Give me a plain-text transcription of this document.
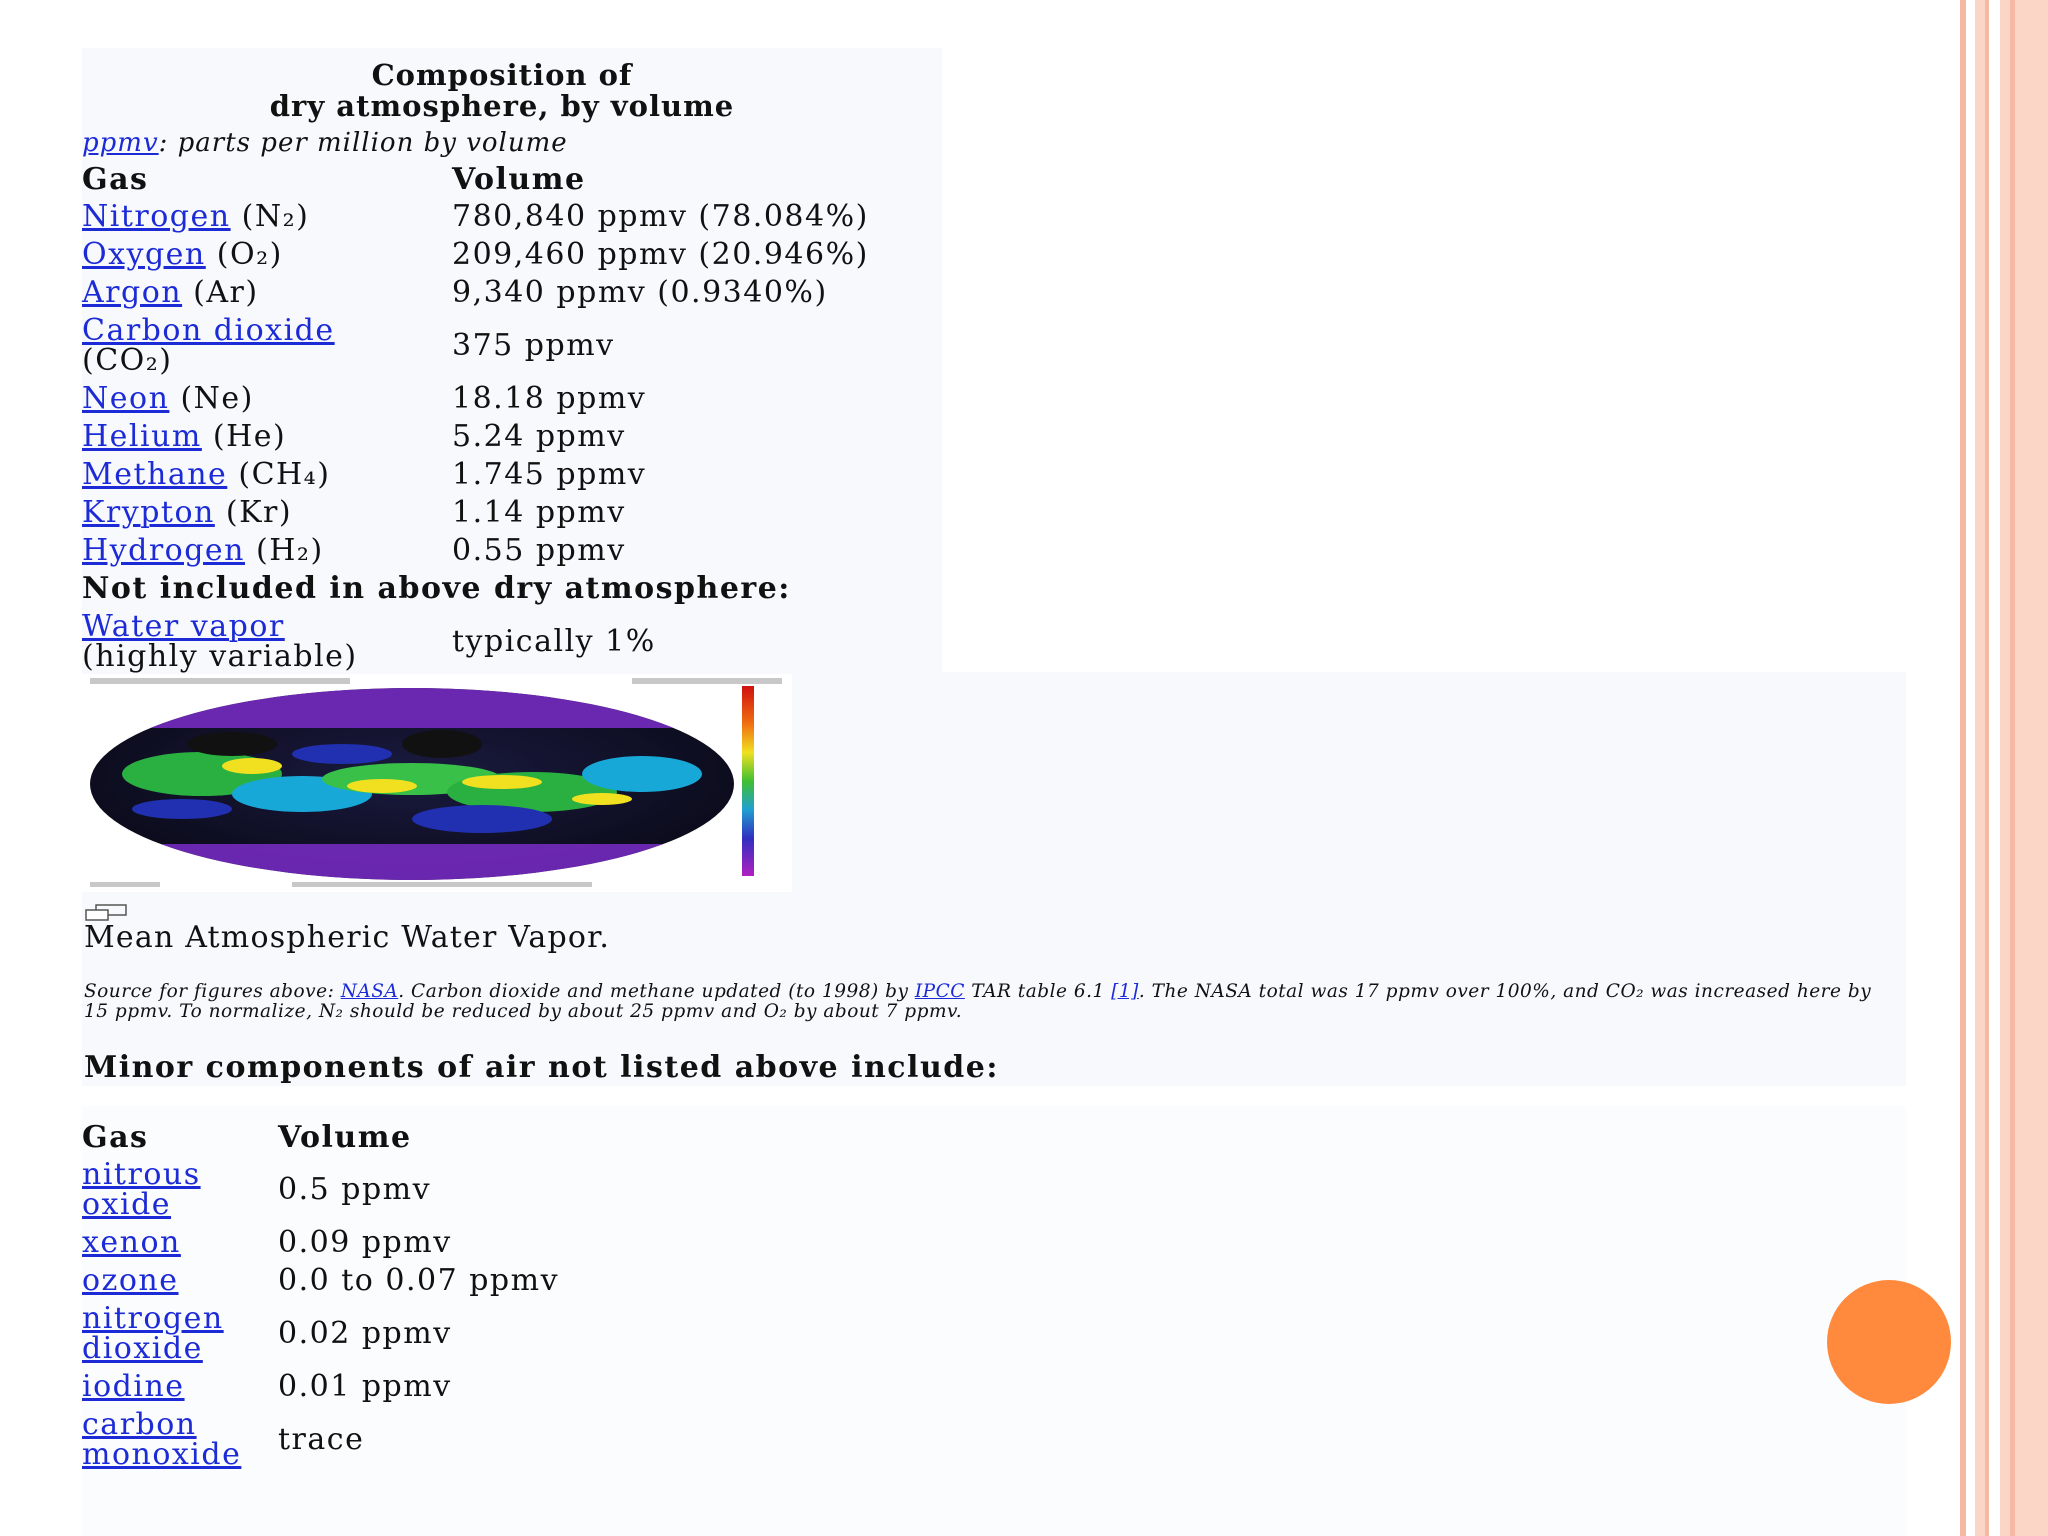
Composition of
dry atmosphere, by volume
ppmv: parts per million by volume
Gas	Volume
Nitrogen (N₂)	780,840 ppmv (78.084%)
Oxygen (O₂)	209,460 ppmv (20.946%)
Argon (Ar)	9,340 ppmv (0.9340%)
Carbon dioxide
(CO₂)	375 ppmv
Neon (Ne)	18.18 ppmv
Helium (He)	5.24 ppmv
Methane (CH₄)	1.745 ppmv
Krypton (Kr)	1.14 ppmv
Hydrogen (H₂)	0.55 ppmv
Not included in above dry atmosphere:	
Water vapor
(highly variable)	typically 1%
Mean Atmospheric Water Vapor.
Source for figures above: NASA. Carbon dioxide and methane updated (to 1998) by IPCC TAR table 6.1 [1]. The NASA total was 17 ppmv over 100%, and CO₂ was increased here by 15 ppmv. To normalize, N₂ should be reduced by about 25 ppmv and O₂ by about 7 ppmv.
Minor components of air not listed above include:
Gas	Volume
nitrous
oxide	0.5 ppmv
xenon	0.09 ppmv
ozone	0.0 to 0.07 ppmv
nitrogen
dioxide	0.02 ppmv
iodine	0.01 ppmv
carbon
monoxide	trace
